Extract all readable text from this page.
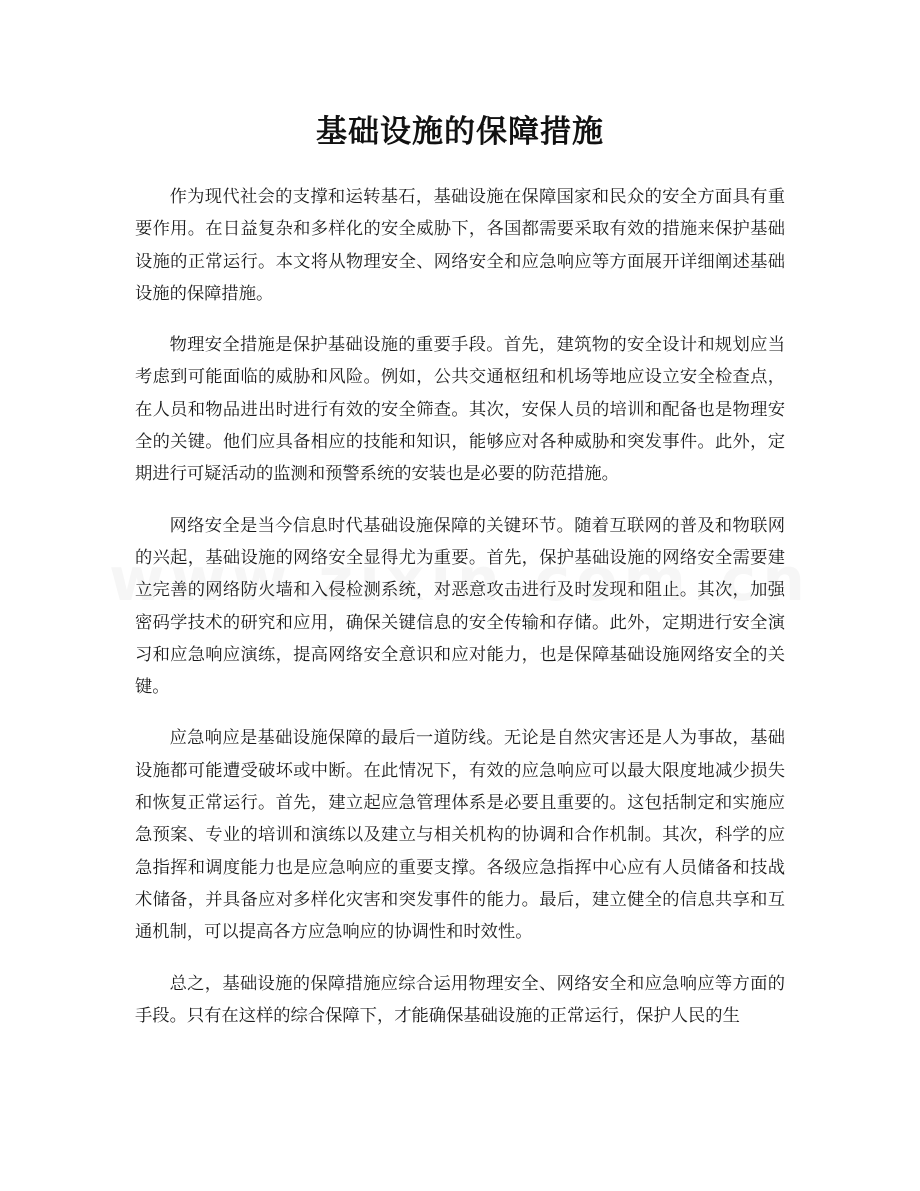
基础设施的保障措施

作为现代社会的支撑和运转基石，基础设施在保障国家和民众的安全方面具有重要作用。在日益复杂和多样化的安全威胁下，各国都需要采取有效的措施来保护基础设施的正常运行。本文将从物理安全、网络安全和应急响应等方面展开详细阐述基础设施的保障措施。

物理安全措施是保护基础设施的重要手段。首先，建筑物的安全设计和规划应当考虑到可能面临的威胁和风险。例如，公共交通枢纽和机场等地应设立安全检查点，在人员和物品进出时进行有效的安全筛查。其次，安保人员的培训和配备也是物理安全的关键。他们应具备相应的技能和知识，能够应对各种威胁和突发事件。此外，定期进行可疑活动的监测和预警系统的安装也是必要的防范措施。

网络安全是当今信息时代基础设施保障的关键环节。随着互联网的普及和物联网的兴起，基础设施的网络安全显得尤为重要。首先，保护基础设施的网络安全需要建立完善的网络防火墙和入侵检测系统，对恶意攻击进行及时发现和阻止。其次，加强密码学技术的研究和应用，确保关键信息的安全传输和存储。此外，定期进行安全演习和应急响应演练，提高网络安全意识和应对能力，也是保障基础设施网络安全的关键。

应急响应是基础设施保障的最后一道防线。无论是自然灾害还是人为事故，基础设施都可能遭受破坏或中断。在此情况下，有效的应急响应可以最大限度地减少损失和恢复正常运行。首先，建立起应急管理体系是必要且重要的。这包括制定和实施应急预案、专业的培训和演练以及建立与相关机构的协调和合作机制。其次，科学的应急指挥和调度能力也是应急响应的重要支撑。各级应急指挥中心应有人员储备和技战术储备，并具备应对多样化灾害和突发事件的能力。最后，建立健全的信息共享和互通机制，可以提高各方应急响应的协调性和时效性。

总之，基础设施的保障措施应综合运用物理安全、网络安全和应急响应等方面的手段。只有在这样的综合保障下，才能确保基础设施的正常运行，保护人民的生
